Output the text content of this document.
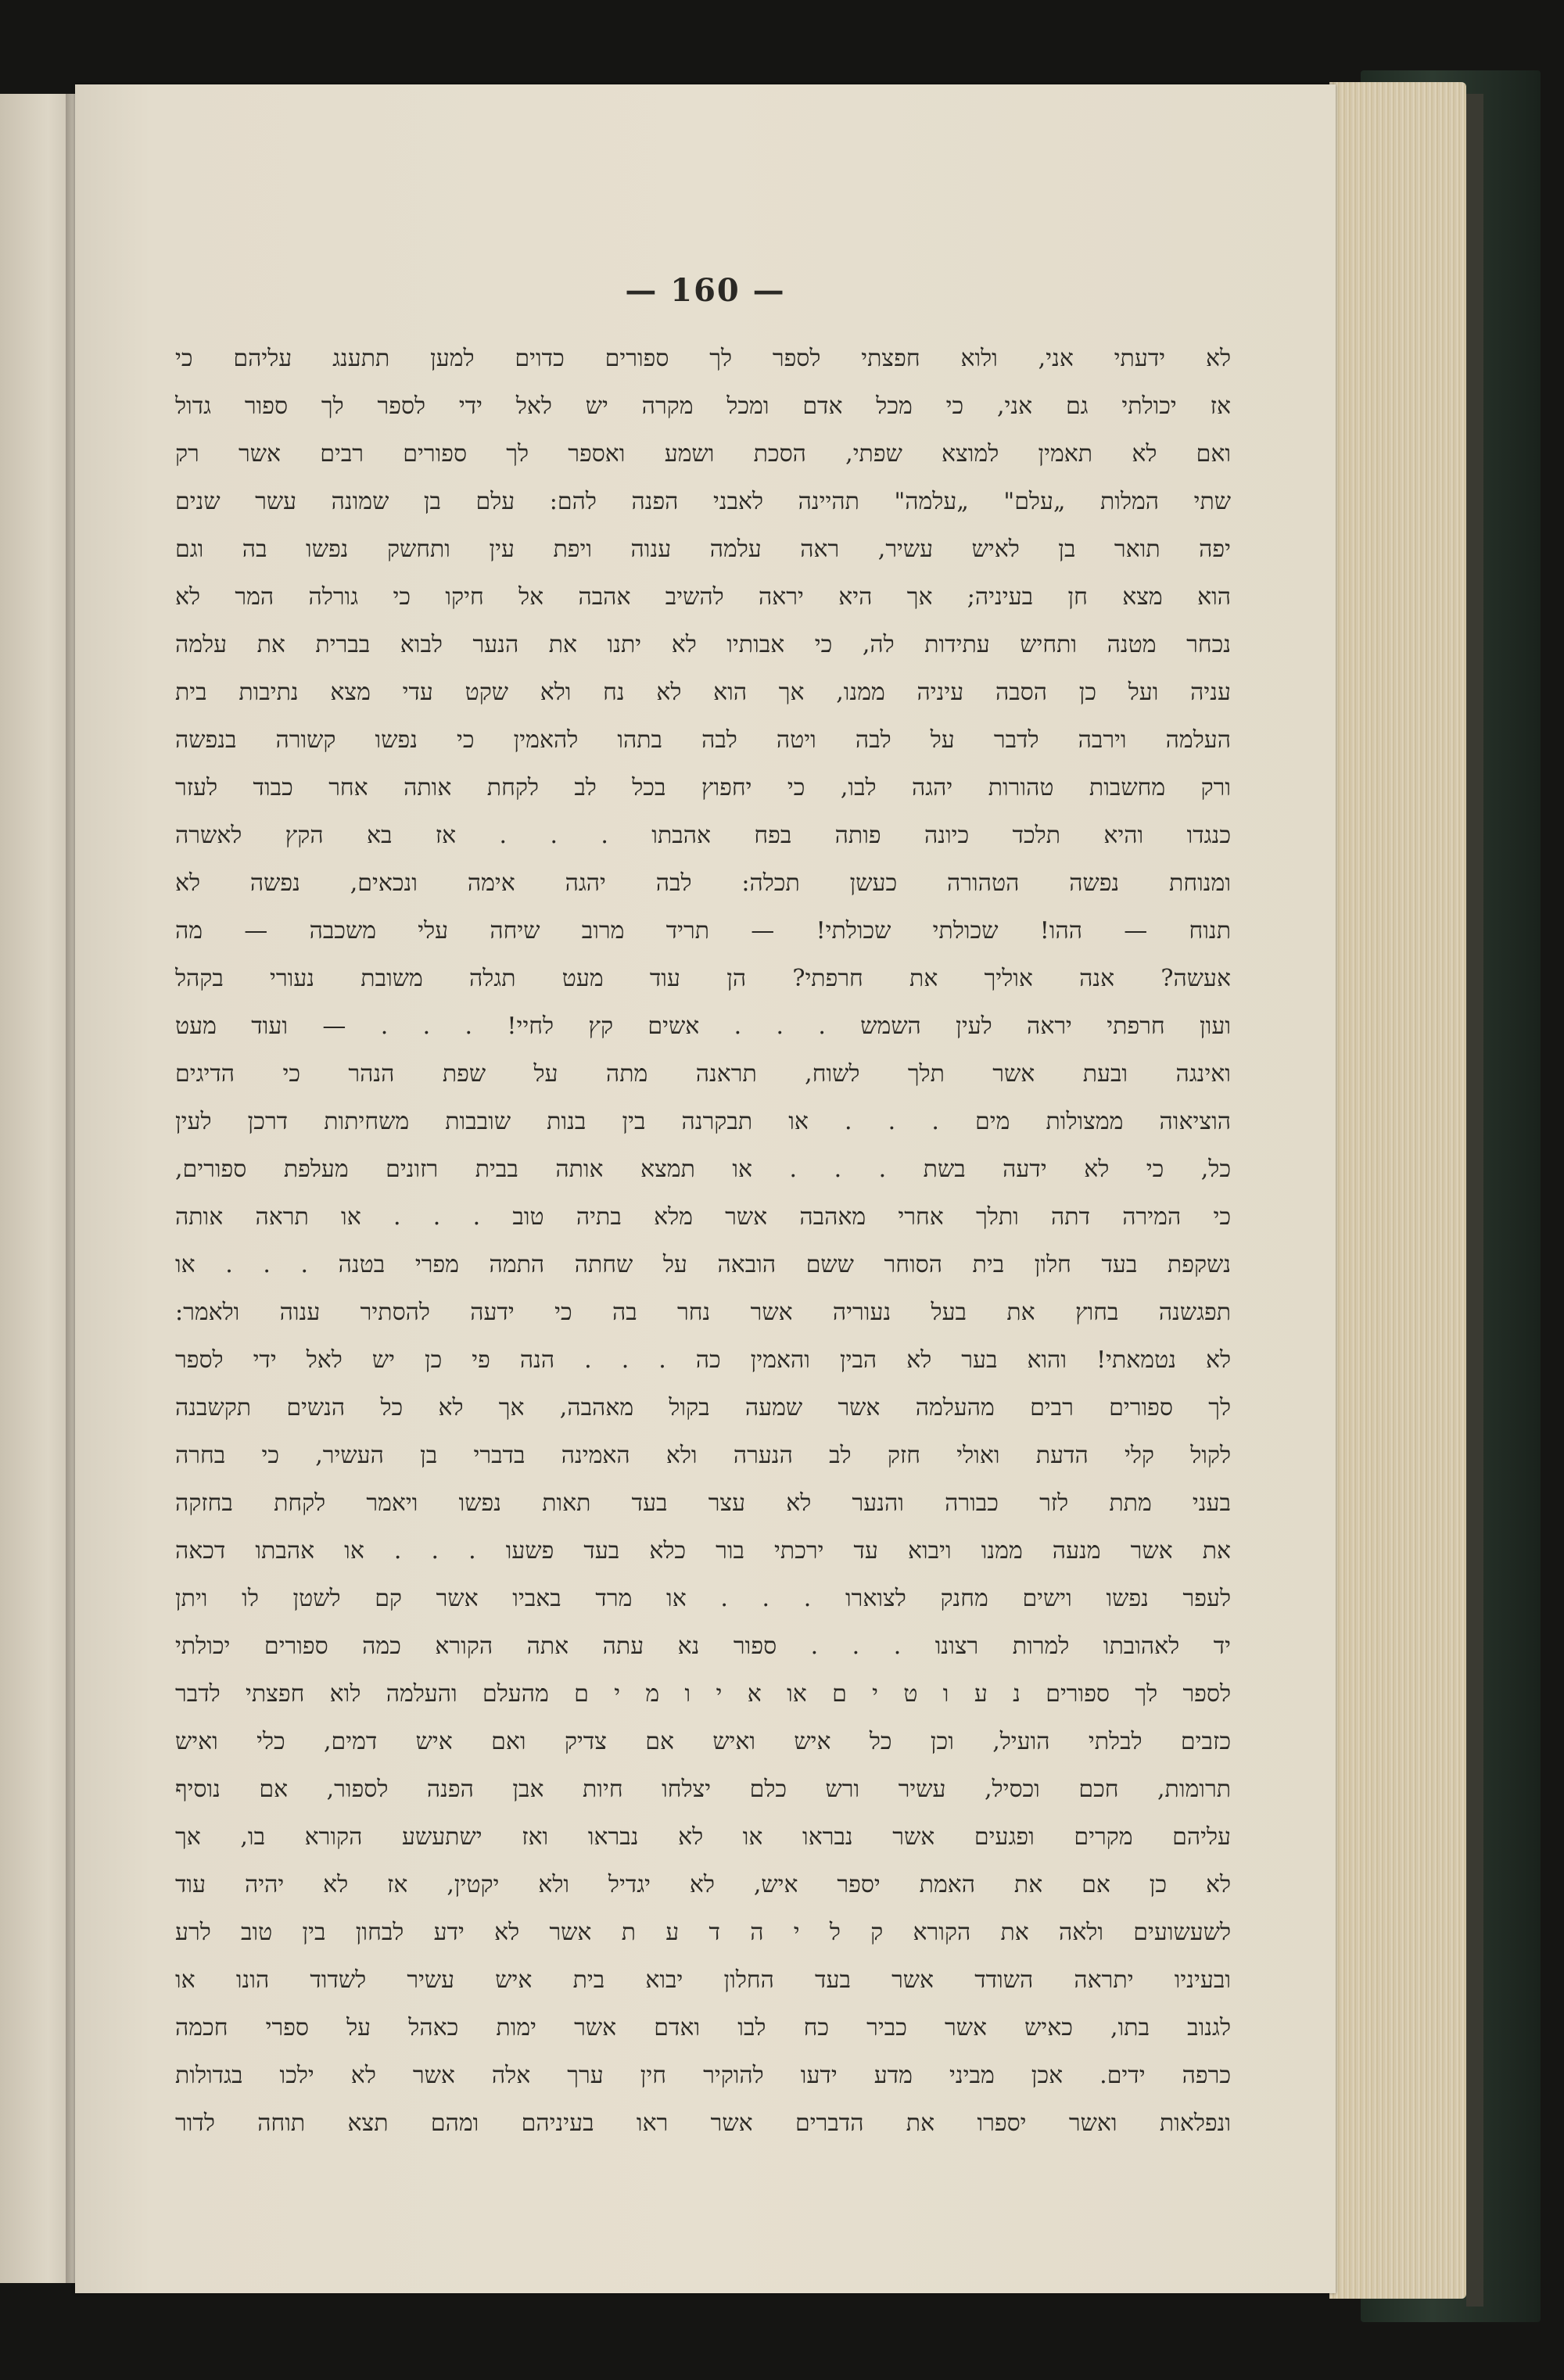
— 160 —
לא ידעתי אני, ולוא חפצתי לספר לך ספורים כדוים למען תתענג עליהם כי
אז יכולתי גם אני, כי מכל אדם ומכל מקרה יש לאל ידי לספר לך ספור גדול
ואם לא תאמין למוצא שפתי, הסכת ושמע ואספר לך ספורים רבים אשר רק
שתי המלות „עלם" „עלמה" תהיינה לאבני הפנה להם: עלם בן שמונה עשר שנים
יפה תואר בן לאיש עשיר, ראה עלמה ענוה ויפת עין ותחשק נפשו בה וגם
הוא מצא חן בעיניה; אך היא יראה להשיב אהבה אל חיקו כי גורלה המר לא
נכחר מטנה ותחיש עתידות לה, כי אבותיו לא יתנו את הנער לבוא בברית את עלמה
עניה ועל כן הסבה עיניה ממנו, אך הוא לא נח ולא שקט עדי מצא נתיבות בית
העלמה וירבה לדבר על לבה ויטה לבה בתהו להאמין כי נפשו קשורה בנפשה
ורק מחשבות טהורות יהגה לבו, כי יחפוץ בכל לב לקחת אותה אחר כבוד לעזר
כנגדו והיא תלכד כיונה פותה בפח אהבתו . . . אז בא הקץ לאשרה
ומנוחת נפשה הטהורה כעשן תכלה: לבה יהגה אימה ונכאים, נפשה לא
תנוח — ההו! שכולתי שכולתי! — תריד מרוב שיחה עלי משכבה — מה
אעשה? אנה אוליך את חרפתי? הן עוד מעט תגלה משובת נעורי בקהל
ועון חרפתי יראה לעין השמש . . . אשים קץ לחיי! . . . — ועוד מעט
ואינגה ובעת אשר תלך לשוח, תראנה מתה על שפת הנהר כי הדיגים
הוציאוה ממצולות מים . . . או תבקרנה בין בנות שובבות משחיתות דרכן לעין
כל, כי לא ידעה בשת . . . או תמצא אותה בבית רזונים מעלפת ספורים,
כי המירה דתה ותלך אחרי מאהבה אשר מלא בתיה טוב . . . או תראה אותה
נשקפת בעד חלון בית הסוחר ששם הובאה על שחתה התמה מפרי בטנה . . . או
תפגשנה בחוץ את בעל נעוריה אשר נחר בה כי ידעה להסתיר ענוה ולאמר:
לא נטמאתי! והוא בער לא הבין והאמין כה . . . הנה פי כן יש לאל ידי לספר
לך ספורים רבים מהעלמה אשר שמעה בקול מאהבה, אך לא כל הנשים תקשבנה
לקול קלי הדעת ואולי חזק לב הנערה ולא האמינה בדברי בן העשיר, כי בחרה
בעני מתת לזר כבורה והנער לא עצר בעד תאות נפשו ויאמר לקחת בחזקה
את אשר מנעה ממנו ויבוא עד ירכתי בור כלא בעד פשעו . . . או אהבתו דכאה
לעפר נפשו וישים מחנק לצוארו . . . או מרד באביו אשר קם לשטן לו ויתן
יד לאהובתו למרות רצונו . . . ספור נא עתה אתה הקורא כמה ספורים יכולתי
לספר לך ספורים נ ע ו ט י ם או א י ו מ י ם מהעלם והעלמה לוא חפצתי לדבר
כזבים לבלתי הועיל, וכן כל איש ואיש אם צדיק ואם איש דמים, כלי ואיש
תרומות, חכם וכסיל, עשיר ורש כלם יצלחו חיות אבן הפנה לספור, אם נוסיף
עליהם מקרים ופגעים אשר נבראו או לא נבראו ואז ישתעשע הקורא בו, אך
לא כן אם את האמת יספר איש, לא יגדיל ולא יקטין, אז לא יהיה עוד
לשעשועים ולאה את הקורא ק ל י ה ד ע ת אשר לא ידע לבחון בין טוב לרע
ובעיניו יתראה השודד אשר בעד החלון יבוא בית איש עשיר לשדוד הונו או
לגנוב בתו, כאיש אשר כביר כח לבו ואדם אשר ימות כאהל על ספרי חכמה
כרפה ידים. אכן מביני מדע ידעו להוקיר חין ערך אלה אשר לא ילכו בגדולות
ונפלאות ואשר יספרו את הדברים אשר ראו בעיניהם ומהם תצא תוחה לדור
